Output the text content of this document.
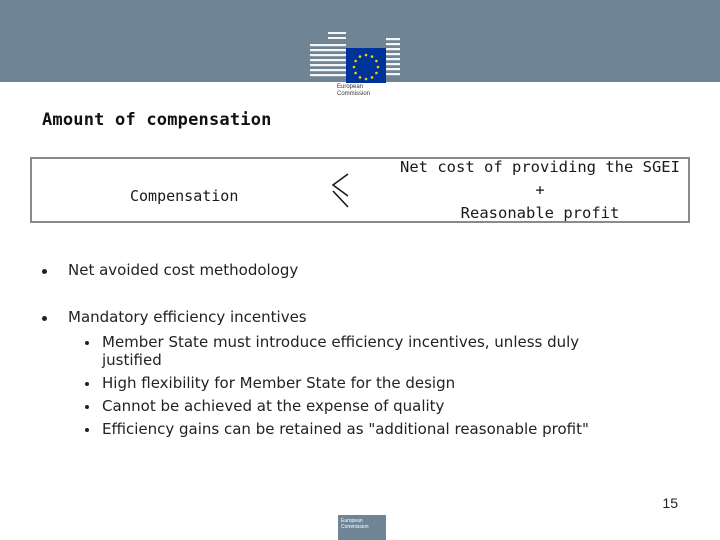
European
Commission
Amount of compensation
Compensation
Net cost of providing the SGEI
+
Reasonable profit
Net avoided cost methodology
Mandatory efficiency incentives
Member State must introduce efficiency incentives, unless duly
justified
High flexibility for Member State for the design
Cannot be achieved at the expense of quality
Efficiency gains can be retained as "additional reasonable profit"
15
European Commission
